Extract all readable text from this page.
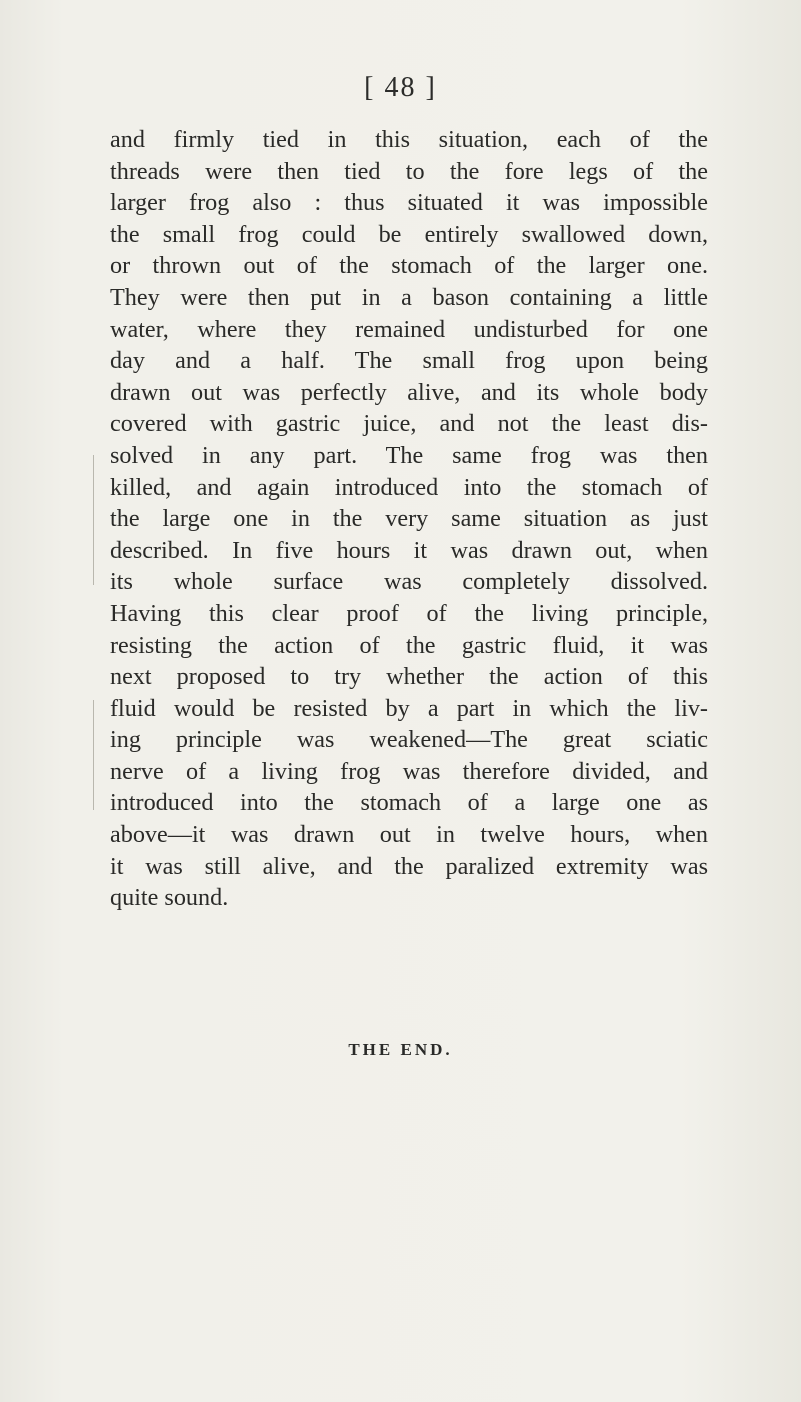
[ 48 ]
and firmly tied in this situation, each of the
threads were then tied to the fore legs of the
larger frog also : thus situated it was impossible
the small frog could be entirely swallowed down,
or thrown out of the stomach of the larger one.
They were then put in a bason containing a little
water, where they remained undisturbed for one
day and a half. The small frog upon being
drawn out was perfectly alive, and its whole body
covered with gastric juice, and not the least dis-
solved in any part. The same frog was then
killed, and again introduced into the stomach of
the large one in the very same situation as just
described. In five hours it was drawn out, when
its whole surface was completely dissolved.
Having this clear proof of the living principle,
resisting the action of the gastric fluid, it was
next proposed to try whether the action of this
fluid would be resisted by a part in which the liv-
ing principle was weakened—The great sciatic
nerve of a living frog was therefore divided, and
introduced into the stomach of a large one as
above—it was drawn out in twelve hours, when
it was still alive, and the paralized extremity was
quite sound.
THE END.
